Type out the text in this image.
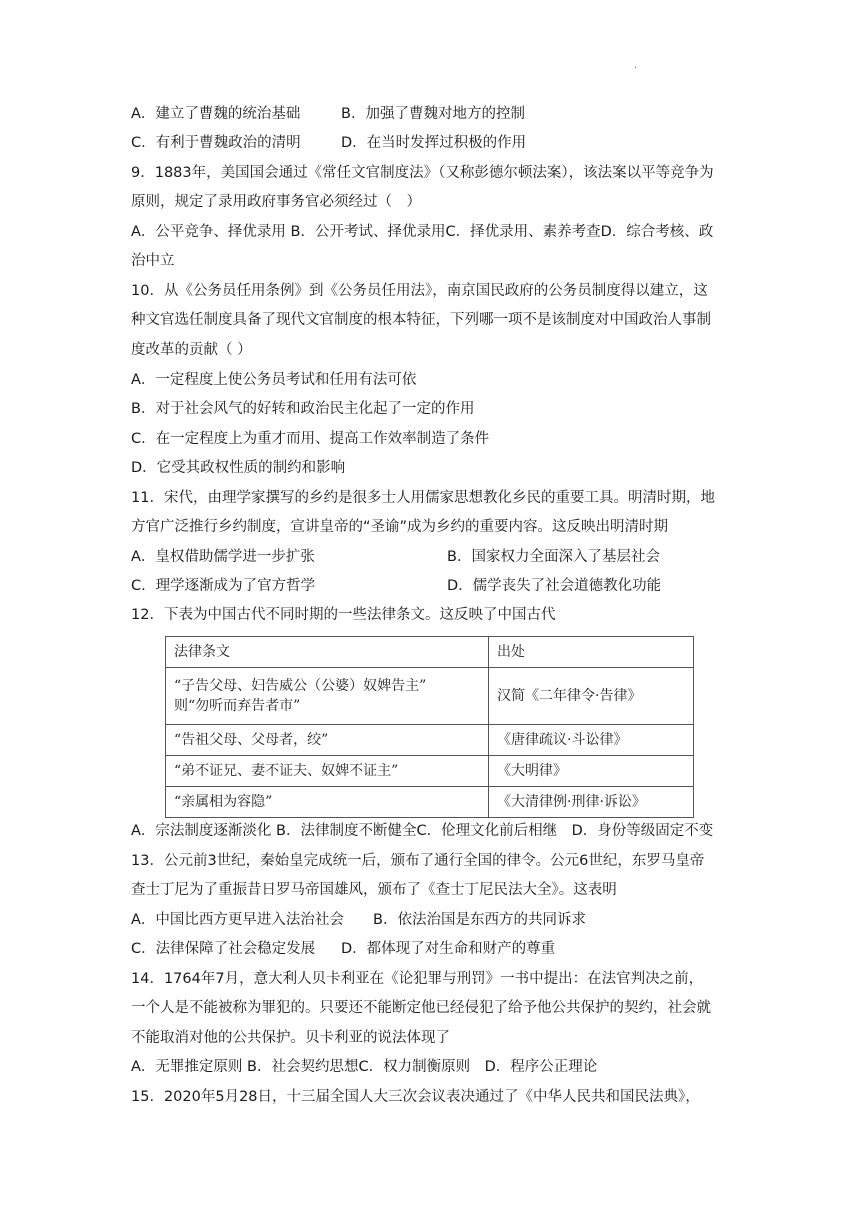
.
A．建立了曹魏的统治基础	B．加强了曹魏对地方的控制
C．有利于曹魏政治的清明	D．在当时发挥过积极的作用
9．1883年，美国国会通过《常任文官制度法》（又称彭德尔顿法案），该法案以平等竞争为
原则，规定了录用政府事务官必须经过（　）
A．公平竞争、择优录用 B．公开考试、择优录用C．择优录用、素养考查D．综合考核、政
治中立
10．从《公务员任用条例》到《公务员任用法》，南京国民政府的公务员制度得以建立，这
种文官选任制度具备了现代文官制度的根本特征，下列哪一项不是该制度对中国政治人事制
度改革的贡献（ ）
A．一定程度上使公务员考试和任用有法可依
B．对于社会风气的好转和政治民主化起了一定的作用
C．在一定程度上为重才而用、提高工作效率制造了条件
D．它受其政权性质的制约和影响
11．宋代，由理学家撰写的乡约是很多士人用儒家思想教化乡民的重要工具。明清时期，地
方官广泛推行乡约制度，宣讲皇帝的“圣谕”成为乡约的重要内容。这反映出明清时期
A．皇权借助儒学进一步扩张	B．国家权力全面深入了基层社会
C．理学逐渐成为了官方哲学	D．儒学丧失了社会道德教化功能
12．下表为中国古代不同时期的一些法律条文。这反映了中国古代
法律条文	出处

“子告父母、妇告威公（公婆）奴婢告主”
则“勿听而弃告者市”	汉简《二年律令·告律》
“告祖父母、父母者，绞”	《唐律疏议·斗讼律》
“弟不证兄、妻不证夫、奴婢不证主”	《大明律》
“亲属相为容隐”	《大清律例·刑律·诉讼》
A．宗法制度逐渐淡化 B．法律制度不断健全C．伦理文化前后相继　D．身份等级固定不变
13．公元前3世纪，秦始皇完成统一后，颁布了通行全国的律令。公元6世纪，东罗马皇帝
查士丁尼为了重振昔日罗马帝国雄风，颁布了《查士丁尼民法大全》。这表明
A．中国比西方更早进入法治社会 B．依法治国是东西方的共同诉求
C．法律保障了社会稳定发展 D．都体现了对生命和财产的尊重
14．1764年7月，意大利人贝卡利亚在《论犯罪与刑罚》一书中提出：在法官判决之前，
一个人是不能被称为罪犯的。只要还不能断定他已经侵犯了给予他公共保护的契约，社会就
不能取消对他的公共保护。贝卡利亚的说法体现了
A．无罪推定原则 B．社会契约思想C．权力制衡原则　D．程序公正理论
15．2020年5月28日，十三届全国人大三次会议表决通过了《中华人民共和国民法典》，
